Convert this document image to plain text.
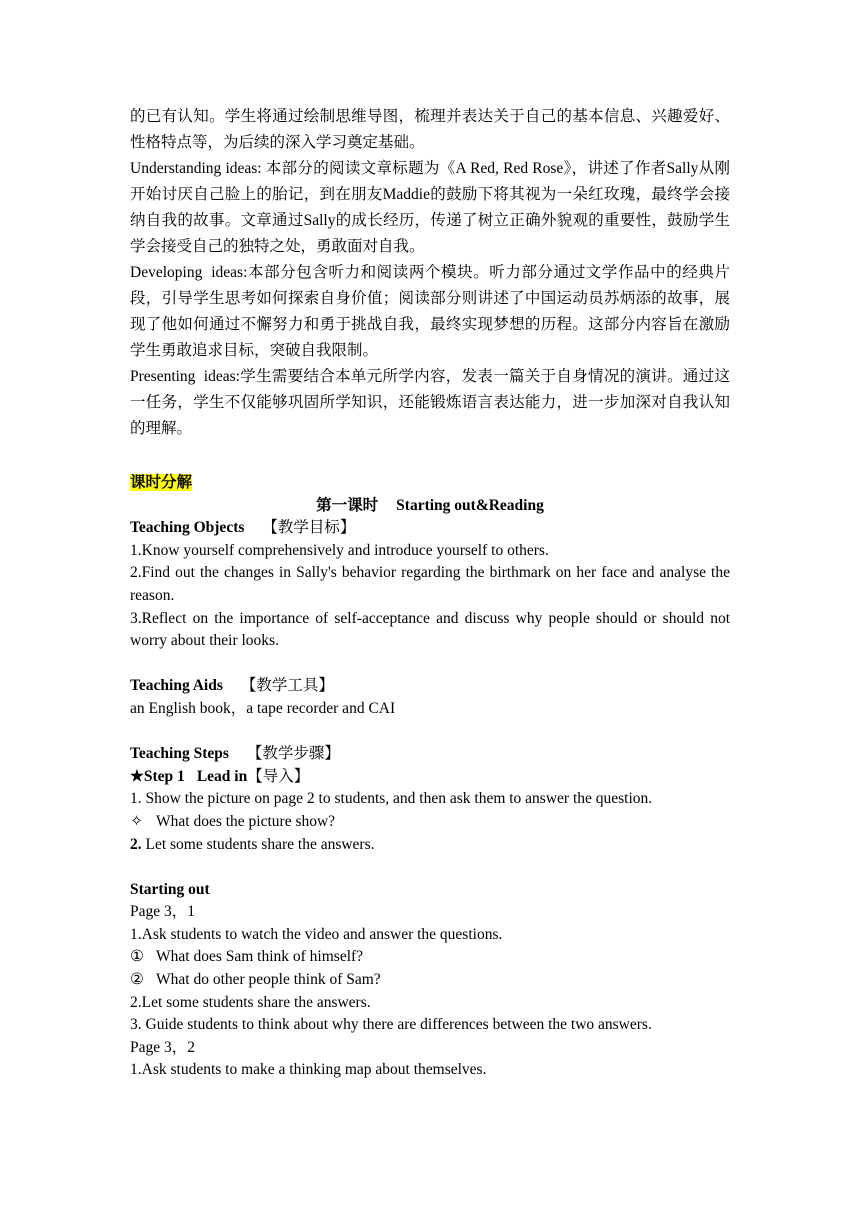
的已有认知。学生将通过绘制思维导图，梳理并表达关于自己的基本信息、兴趣爱好、性格特点等，为后续的深入学习奠定基础。

Understanding ideas: 本部分的阅读文章标题为《A Red, Red Rose》，讲述了作者Sally从刚开始讨厌自己脸上的胎记，到在朋友Maddie的鼓励下将其视为一朵红玫瑰，最终学会接纳自我的故事。文章通过Sally的成长经历，传递了树立正确外貌观的重要性，鼓励学生学会接受自己的独特之处，勇敢面对自我。

Developing  ideas:本部分包含听力和阅读两个模块。听力部分通过文学作品中的经典片段，引导学生思考如何探索自身价值；阅读部分则讲述了中国运动员苏炳添的故事，展现了他如何通过不懈努力和勇于挑战自我，最终实现梦想的历程。这部分内容旨在激励学生勇敢追求目标，突破自我限制。

Presenting  ideas:学生需要结合本单元所学内容，发表一篇关于自身情况的演讲。通过这一任务，学生不仅能够巩固所学知识，还能锻炼语言表达能力，进一步加深对自我认知的理解。

课时分解

第一课时 Starting out&Reading

Teaching Objects 【教学目标】

1.Know yourself comprehensively and introduce yourself to others.

2.Find out the changes in Sally's behavior regarding the birthmark on her face and analyse the reason.

3.Reflect on the importance of self-acceptance and discuss why people should or should not worry about their looks.

Teaching Aids 【教学工具】

an English book，a tape recorder and CAI

Teaching Steps 【教学步骤】

★Step 1 Lead in【导入】

1. Show the picture on page 2 to students, and then ask them to answer the question.

✧ What does the picture show?

2. Let some students share the answers.

Starting out

Page 3，1

1.Ask students to watch the video and answer the questions.

① What does Sam think of himself?

② What do other people think of Sam?

2.Let some students share the answers.

3. Guide students to think about why there are differences between the two answers.

Page 3，2

1.Ask students to make a thinking map about themselves.
